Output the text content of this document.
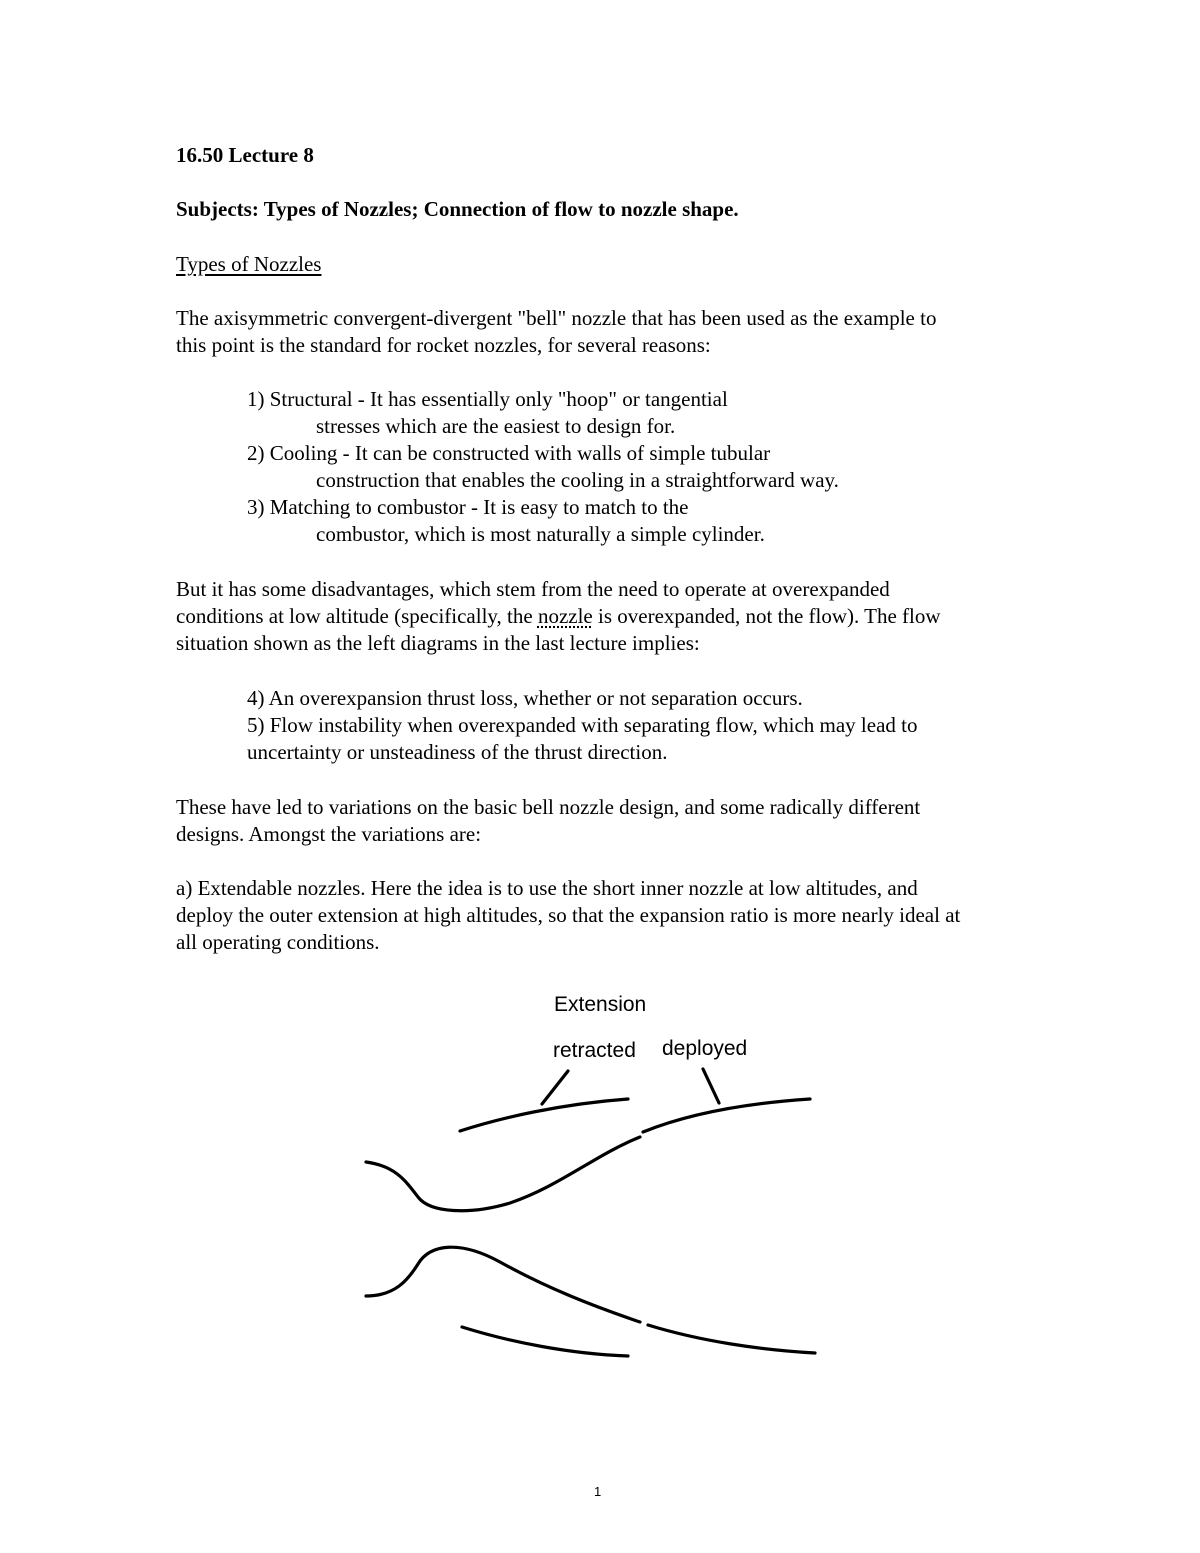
16.50 Lecture 8
Subjects: Types of Nozzles; Connection of flow to nozzle shape.
Types of Nozzles
The axisymmetric convergent-divergent "bell" nozzle that has been used as the example to
this point is the standard for rocket nozzles, for several reasons:
1) Structural - It has essentially only "hoop" or tangential
stresses which are the easiest to design for.
2) Cooling - It can be constructed with walls of simple tubular
construction that enables the cooling in a straightforward way.
3) Matching to combustor - It is easy to match to the
combustor, which is most naturally a simple cylinder.
But it has some disadvantages, which stem from the need to operate at overexpanded
conditions at low altitude (specifically, the nozzle is overexpanded, not the flow). The flow
situation shown as the left diagrams in the last lecture implies:
4) An overexpansion thrust loss, whether or not separation occurs.
5) Flow instability when overexpanded with separating flow, which may lead to
uncertainty or unsteadiness of the thrust direction.
These have led to variations on the basic bell nozzle design, and some radically different
designs. Amongst the variations are:
a) Extendable nozzles. Here the idea is to use the short inner nozzle at low altitudes, and
deploy the outer extension at high altitudes, so that the expansion ratio is more nearly ideal at
all operating conditions.
Extension
retracted deployed
1
